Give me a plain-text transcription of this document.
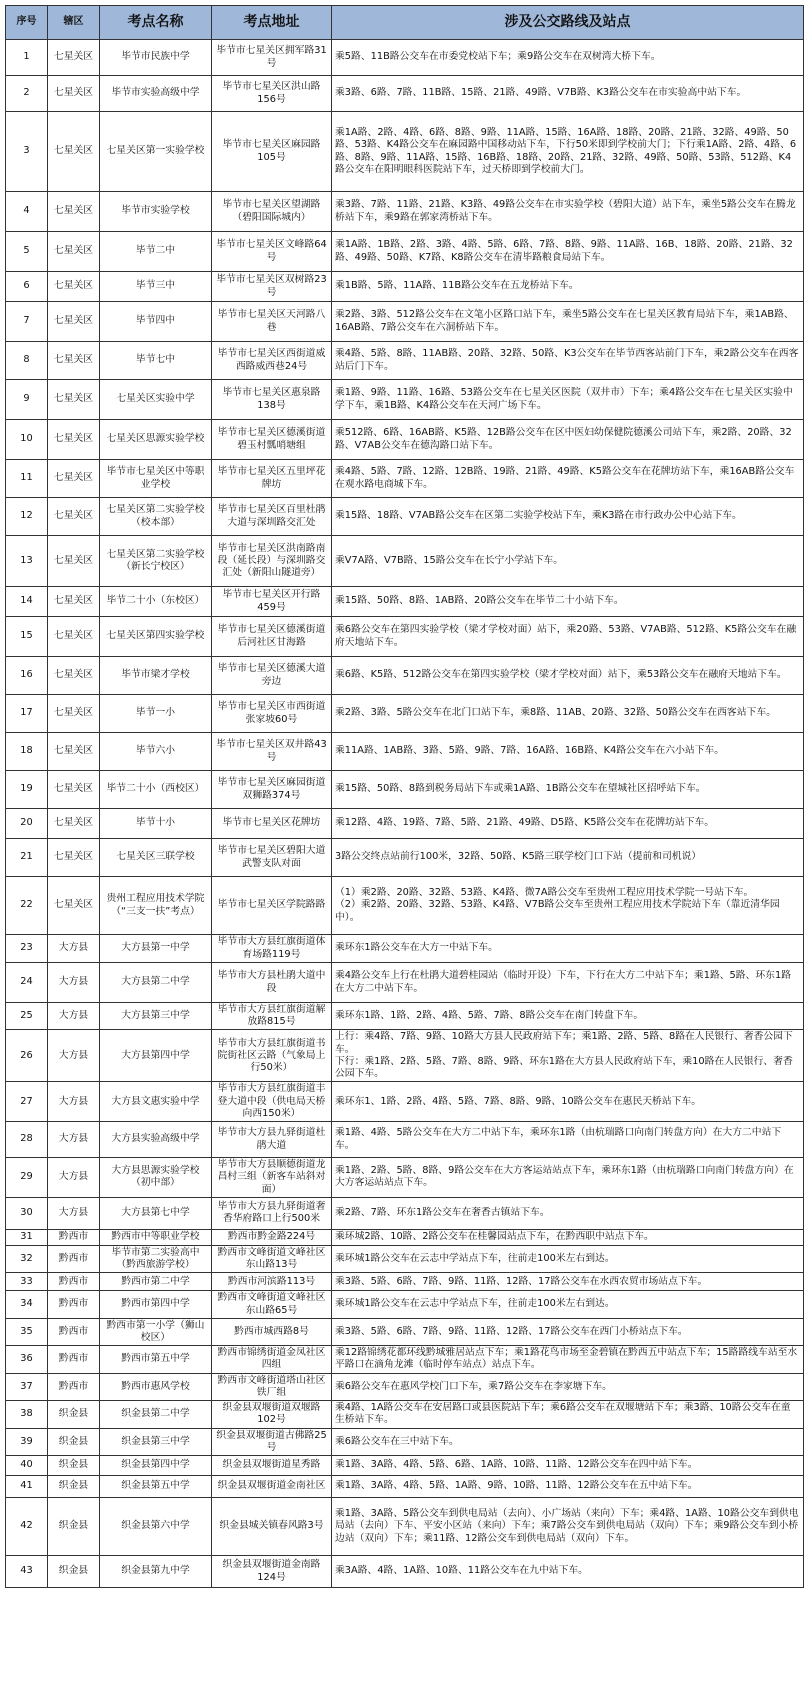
序号	辖区	考点名称	考点地址	涉及公交路线及站点
1	七星关区	毕节市民族中学	毕节市七星关区拥军路31号	乘5路、11B路公交车在市委党校站下车；乘9路公交车在双树湾大桥下车。
2	七星关区	毕节市实验高级中学	毕节市七星关区洪山路156号	乘3路、6路、7路、11B路、15路、21路、49路、V7B路、K3路公交车在市实验高中站下车。
3	七星关区	七星关区第一实验学校	毕节市七星关区麻园路105号	乘1A路、2路、4路、6路、8路、9路、11A路、15路、16A路、18路、20路、21路、32路、49路、50路、53路、K4路公交车在麻园路中国移动站下车，下行50米即到学校前大门；下行乘1A路、2路、4路、6路、8路、9路、11A路、15路、16B路、18路、20路、21路、32路、49路、50路、53路、512路、K4路公交车在阳明眼科医院站下车，过天桥即到学校前大门。
4	七星关区	毕节市实验学校	毕节市七星关区望湖路（碧阳国际城内）	乘3路、7路、11路、21路、K3路、49路公交车在市实验学校（碧阳大道）站下车，乘坐5路公交车在腾龙桥站下车，乘9路在郭家湾桥站下车。
5	七星关区	毕节二中	毕节市七星关区文峰路64号	乘1A路、1B路、2路、3路、4路、5路、6路、7路、8路、9路、11A路、16B、18路、20路、21路、32路、49路、50路、K7路、K8路公交车在清毕路粮食局站下车。
6	七星关区	毕节三中	毕节市七星关区双树路23号	乘1B路、5路、11A路、11B路公交车在五龙桥站下车。
7	七星关区	毕节四中	毕节市七星关区天河路八巷	乘2路、3路、512路公交车在文笔小区路口站下车，乘坐5路公交车在七星关区教育局站下车，乘1AB路、16AB路、7路公交车在六洞桥站下车。
8	七星关区	毕节七中	毕节市七星关区西街道威西路威西巷24号	乘4路、5路、8路、11AB路、20路、32路、50路、K3公交车在毕节西客站前门下车，乘2路公交车在西客站后门下车。
9	七星关区	七星关区实验中学	毕节市七星关区惠泉路138号	乘1路、9路、11路、16路、53路公交车在七星关区医院（双井市）下车；乘4路公交车在七星关区实验中学下车，乘1B路、K4路公交车在天河广场下车。
10	七星关区	七星关区思源实验学校	毕节市七星关区德溪街道碧玉村瓢哨塘组	乘512路、6路、16AB路、K5路、12B路公交车在区中医妇幼保健院德溪公司站下车，乘2路、20路、32路、V7AB公交车在德沟路口站下车。
11	七星关区	毕节市七星关区中等职业学校	毕节市七星关区五里坪花牌坊	乘4路、5路、7路、12路、12B路、19路、21路、49路、K5路公交车在花牌坊站下车，乘16AB路公交车在观水路电商城下车。
12	七星关区	七星关区第二实验学校（校本部）	毕节市七星关区百里杜鹃大道与深圳路交汇处	乘15路、18路、V7AB路公交车在区第二实验学校站下车，乘K3路在市行政办公中心站下车。
13	七星关区	七星关区第二实验学校（新长宁校区）	毕节市七星关区洪南路南段（延长段）与深圳路交汇处（新阳山隧道旁）	乘V7A路、V7B路、15路公交车在长宁小学站下车。
14	七星关区	毕节二十小（东校区）	毕节市七星关区开行路459号	乘15路、50路、8路、1AB路、20路公交车在毕节二十小站下车。
15	七星关区	七星关区第四实验学校	毕节市七星关区德溪街道后河社区甘海路	乘6路公交车在第四实验学校（梁才学校对面）站下，乘20路、53路、V7AB路、512路、K5路公交车在融府天地站下车。
16	七星关区	毕节市梁才学校	毕节市七星关区德溪大道旁边	乘6路、K5路、512路公交车在第四实验学校（梁才学校对面）站下，乘53路公交车在融府天地站下车。
17	七星关区	毕节一小	毕节市七星关区市西街道张家坡60号	乘2路、3路、5路公交车在北门口站下车，乘8路、11AB、20路、32路、50路公交车在西客站下车。
18	七星关区	毕节六小	毕节市七星关区双井路43号	乘11A路、1AB路、3路、5路、9路、7路、16A路、16B路、K4路公交车在六小站下车。
19	七星关区	毕节二十小（西校区）	毕节市七星关区麻园街道双狮路374号	乘15路、50路、8路到税务局站下车或乘1A路、1B路公交车在望城社区招呼站下车。
20	七星关区	毕节十小	毕节市七星关区花牌坊	乘12路、4路、19路、7路、5路、21路、49路、D5路、K5路公交车在花牌坊站下车。
21	七星关区	七星关区三联学校	毕节市七星关区碧阳大道武警支队对面	3路公交终点站前行100米，32路、50路、K5路三联学校门口下站（提前和司机说）
22	七星关区	贵州工程应用技术学院（“三支一扶”考点）	毕节市七星关区学院路路	（1）乘2路、20路、32路、53路、K4路、微7A路公交车至贵州工程应用技术学院一号站下车。
（2）乘2路、20路、32路、53路、K4路、V7B路公交车至贵州工程应用技术学院站下车（靠近清华园中）。
23	大方县	大方县第一中学	毕节市大方县红旗街道体育场路119号	乘环东1路公交车在大方一中站下车。
24	大方县	大方县第二中学	毕节市大方县杜鹃大道中段	乘4路公交车上行在杜鹃大道碧桂园站（临时开设）下车，下行在大方二中站下车；乘1路、5路、环东1路在大方二中站下车。
25	大方县	大方县第三中学	毕节市大方县红旗街道解放路815号	乘环东1路、1路、2路、4路、5路、7路、8路公交车在南门转盘下车。
26	大方县	大方县第四中学	毕节市大方县红旗街道书院街社区云路（气象局上行50米）	上行：乘4路、7路、9路、10路大方县人民政府站下车；乘1路、2路、5路、8路在人民银行、奢香公园下车。
下行：乘1路、2路、5路、7路、8路、9路、环东1路在大方县人民政府站下车，乘10路在人民银行、奢香公园下车。
27	大方县	大方县文惠实验中学	毕节市大方县红旗街道丰登大道中段（供电局天桥向西150米）	乘环东1、1路、2路、4路、5路、7路、8路、9路、10路公交车在惠民天桥站下车。
28	大方县	大方县实验高级中学	毕节市大方县九驿街道杜鹃大道	乘1路、4路、5路公交车在大方二中站下车，乘环东1路（由杭瑞路口向南门转盘方向）在大方二中站下车。
29	大方县	大方县思源实验学校（初中部）	毕节市大方县顺德街道龙昌村三组（新客车站斜对面）	乘1路、2路、5路、8路、9路公交车在大方客运站站点下车，乘环东1路（由杭瑞路口向南门转盘方向）在大方客运站站点下车。
30	大方县	大方县第七中学	毕节市大方县九驿街道奢香华府路口上行500米	乘2路、7路、环东1路公交车在奢香古镇站下车。
31	黔西市	黔西市中等职业学校	黔西市黔金路224号	乘环城2路、10路、2路公交车在桂馨园站点下车，在黔西职中站点下车。
32	黔西市	毕节市第二实验高中（黔西旅游学校）	黔西市文峰街道文峰社区东山路13号	乘环城1路公交车在云志中学站点下车，往前走100米左右到达。
33	黔西市	黔西市第二中学	黔西市河滨路113号	乘3路、5路、6路、7路、9路、11路、12路、17路公交车在水西农贸市场站点下车。
34	黔西市	黔西市第四中学	黔西市文峰街道文峰社区东山路65号	乘环城1路公交车在云志中学站点下车，往前走100米左右到达。
35	黔西市	黔西市第一小学（狮山校区）	黔西市城西路8号	乘3路、5路、6路、7路、9路、11路、12路、17路公交车在西门小桥站点下车。
36	黔西市	黔西市第五中学	黔西市锦绣街道金凤社区四组	乘12路锦绣花都环线黔城雅居站点下车；乘1路花鸟市场至金碧镇在黔西五中站点下车；15路路线车站至水平路口在滴角龙滩（临时停车站点）站点下车。
37	黔西市	黔西市惠风学校	黔西市文峰街道塔山社区铁厂组	乘6路公交车在惠风学校门口下车，乘7路公交车在李家塘下车。
38	织金县	织金县第二中学	织金县双堰街道双堰路102号	乘4路、1A路公交车在安居路口或县医院站下车；乘6路公交车在双堰塘站下车；乘3路、10路公交车在童生桥站下车。
39	织金县	织金县第三中学	织金县双堰街道古佛路25号	乘6路公交车在三中站下车。
40	织金县	织金县第四中学	织金县双堰街道星秀路	乘1路、3A路、4路、5路、6路、1A路、10路、11路、12路公交车在四中站下车。
41	织金县	织金县第五中学	织金县双堰街道金南社区	乘1路、3A路、4路、5路、1A路、9路、10路、11路、12路公交车在五中站下车。
42	织金县	织金县第六中学	织金县城关镇春风路3号	乘1路、3A路、5路公交车到供电局站（去向）、小广场站（来向）下车；乘4路、1A路、10路公交车到供电局站（去向）下车、平安小区站（来向）下车；乘7路公交车到供电局站（双向）下车；乘9路公交车到小桥边站（双向）下车；乘11路、12路公交车到供电局站（双向）下车。
43	织金县	织金县第九中学	织金县双堰街道金南路124号	乘3A路、4路、1A路、10路、11路公交车在九中站下车。
